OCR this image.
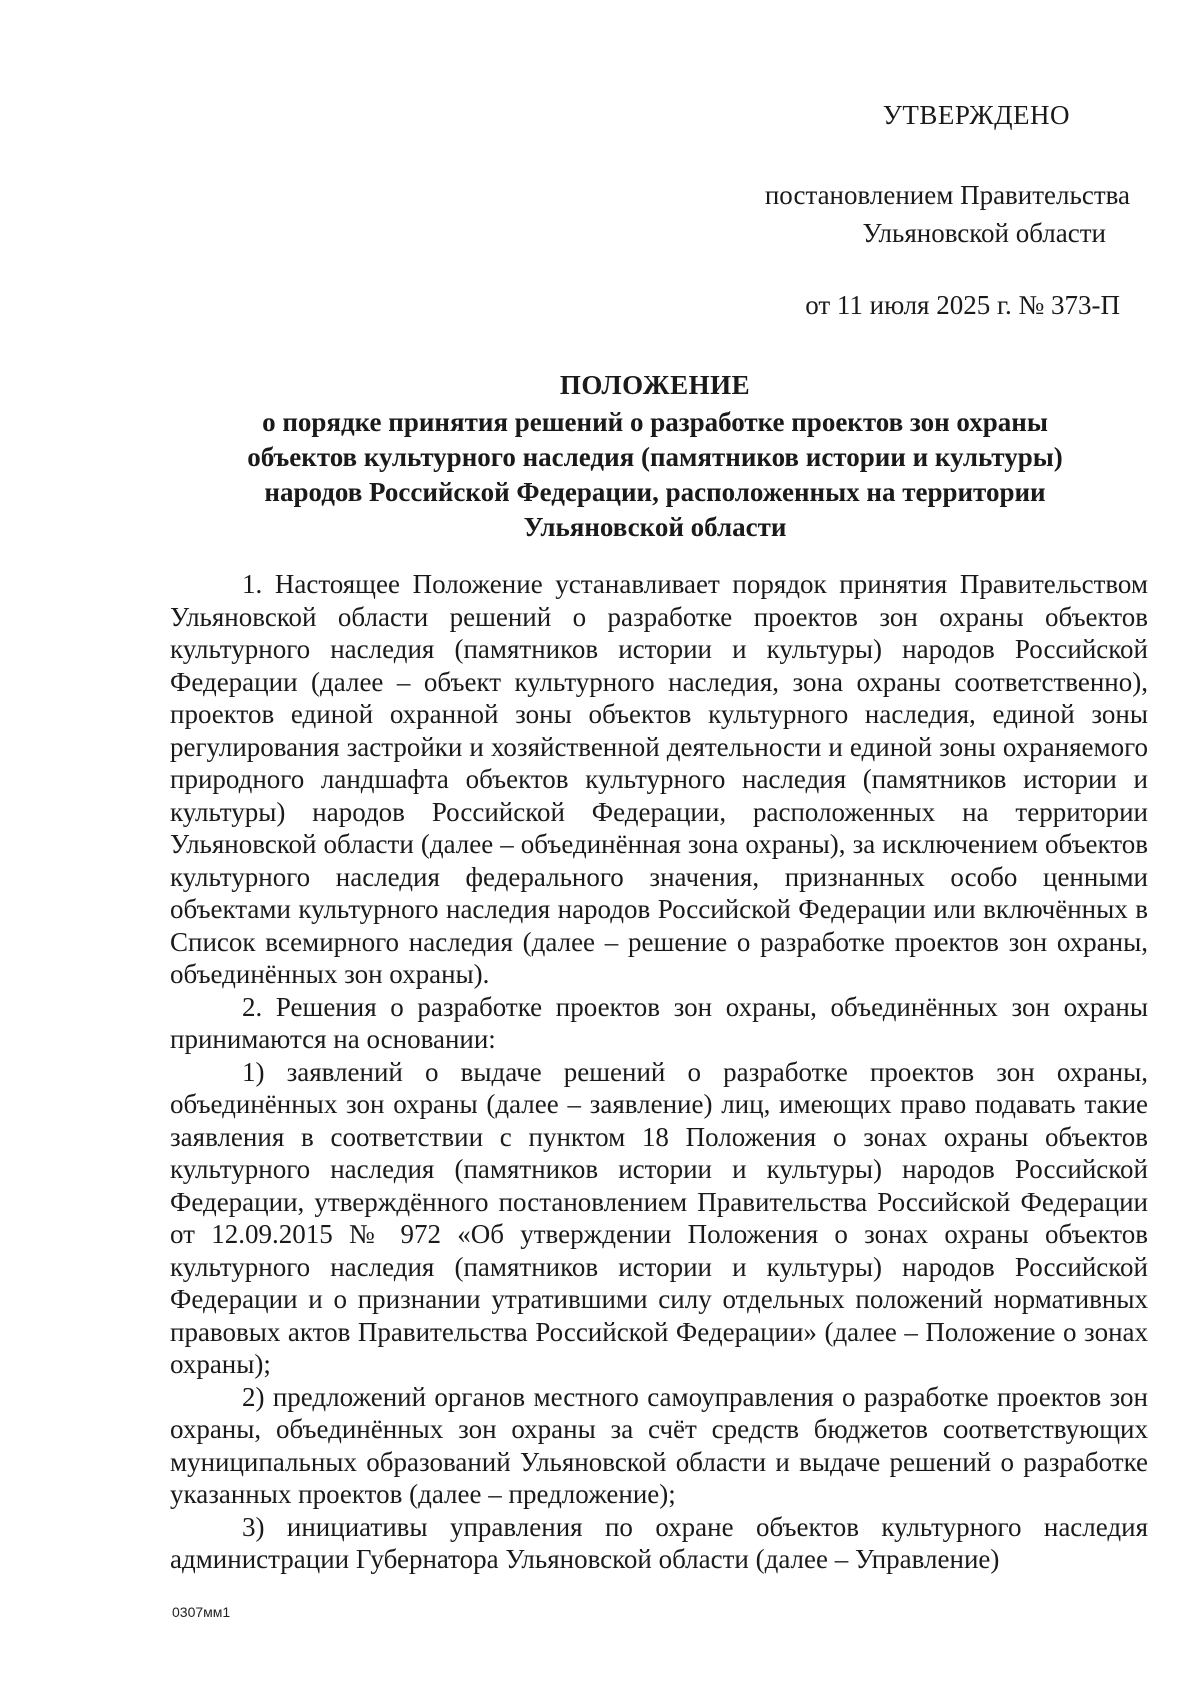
УТВЕРЖДЕНО
постановлением Правительства
Ульяновской области
от 11 июля 2025 г. № 373-П
ПОЛОЖЕНИЕ
о порядке принятия решений о разработке проектов зон охраны
объектов культурного наследия (памятников истории и культуры)
народов Российской Федерации, расположенных на территории
Ульяновской области

1. Настоящее Положение устанавливает порядок принятия Правительством Ульяновской области решений о разработке проектов зон охраны объектов культурного наследия (памятников истории и культуры) народов Российской Федерации (далее – объект культурного наследия, зона охраны соответственно), проектов единой охранной зоны объектов культурного наследия, единой зоны регулирования застройки и хозяйственной деятельности и единой зоны охраняемого природного ландшафта объектов культурного наследия (памятников истории и культуры) народов Российской Федерации, расположенных на территории Ульяновской области (далее – объединённая зона охраны), за исключением объектов культурного наследия федерального значения, признанных особо ценными объектами культурного наследия народов Российской Федерации или включённых в Список всемирного наследия (далее – решение о разработке проектов зон охраны, объединённых зон охраны).

2. Решения о разработке проектов зон охраны, объединённых зон охраны принимаются на основании:

1) заявлений о выдаче решений о разработке проектов зон охраны, объединённых зон охраны (далее – заявление) лиц, имеющих право подавать такие заявления в соответствии с пунктом 18 Положения о зонах охраны объектов культурного наследия (памятников истории и культуры) народов Российской Федерации, утверждённого постановлением Правительства Российской Федерации от 12.09.2015 № 972 «Об утверждении Положения о зонах охраны объектов культурного наследия (памятников истории и культуры) народов Российской Федерации и о признании утратившими силу отдельных положений нормативных правовых актов Правительства Российской Федерации» (далее – Положение о зонах охраны);

2) предложений органов местного самоуправления о разработке проектов зон охраны, объединённых зон охраны за счёт средств бюджетов соответствующих муниципальных образований Ульяновской области и выдаче решений о разработке указанных проектов (далее – предложение);

3) инициативы управления по охране объектов культурного наследия администрации Губернатора Ульяновской области (далее – Управление)

0307мм1
